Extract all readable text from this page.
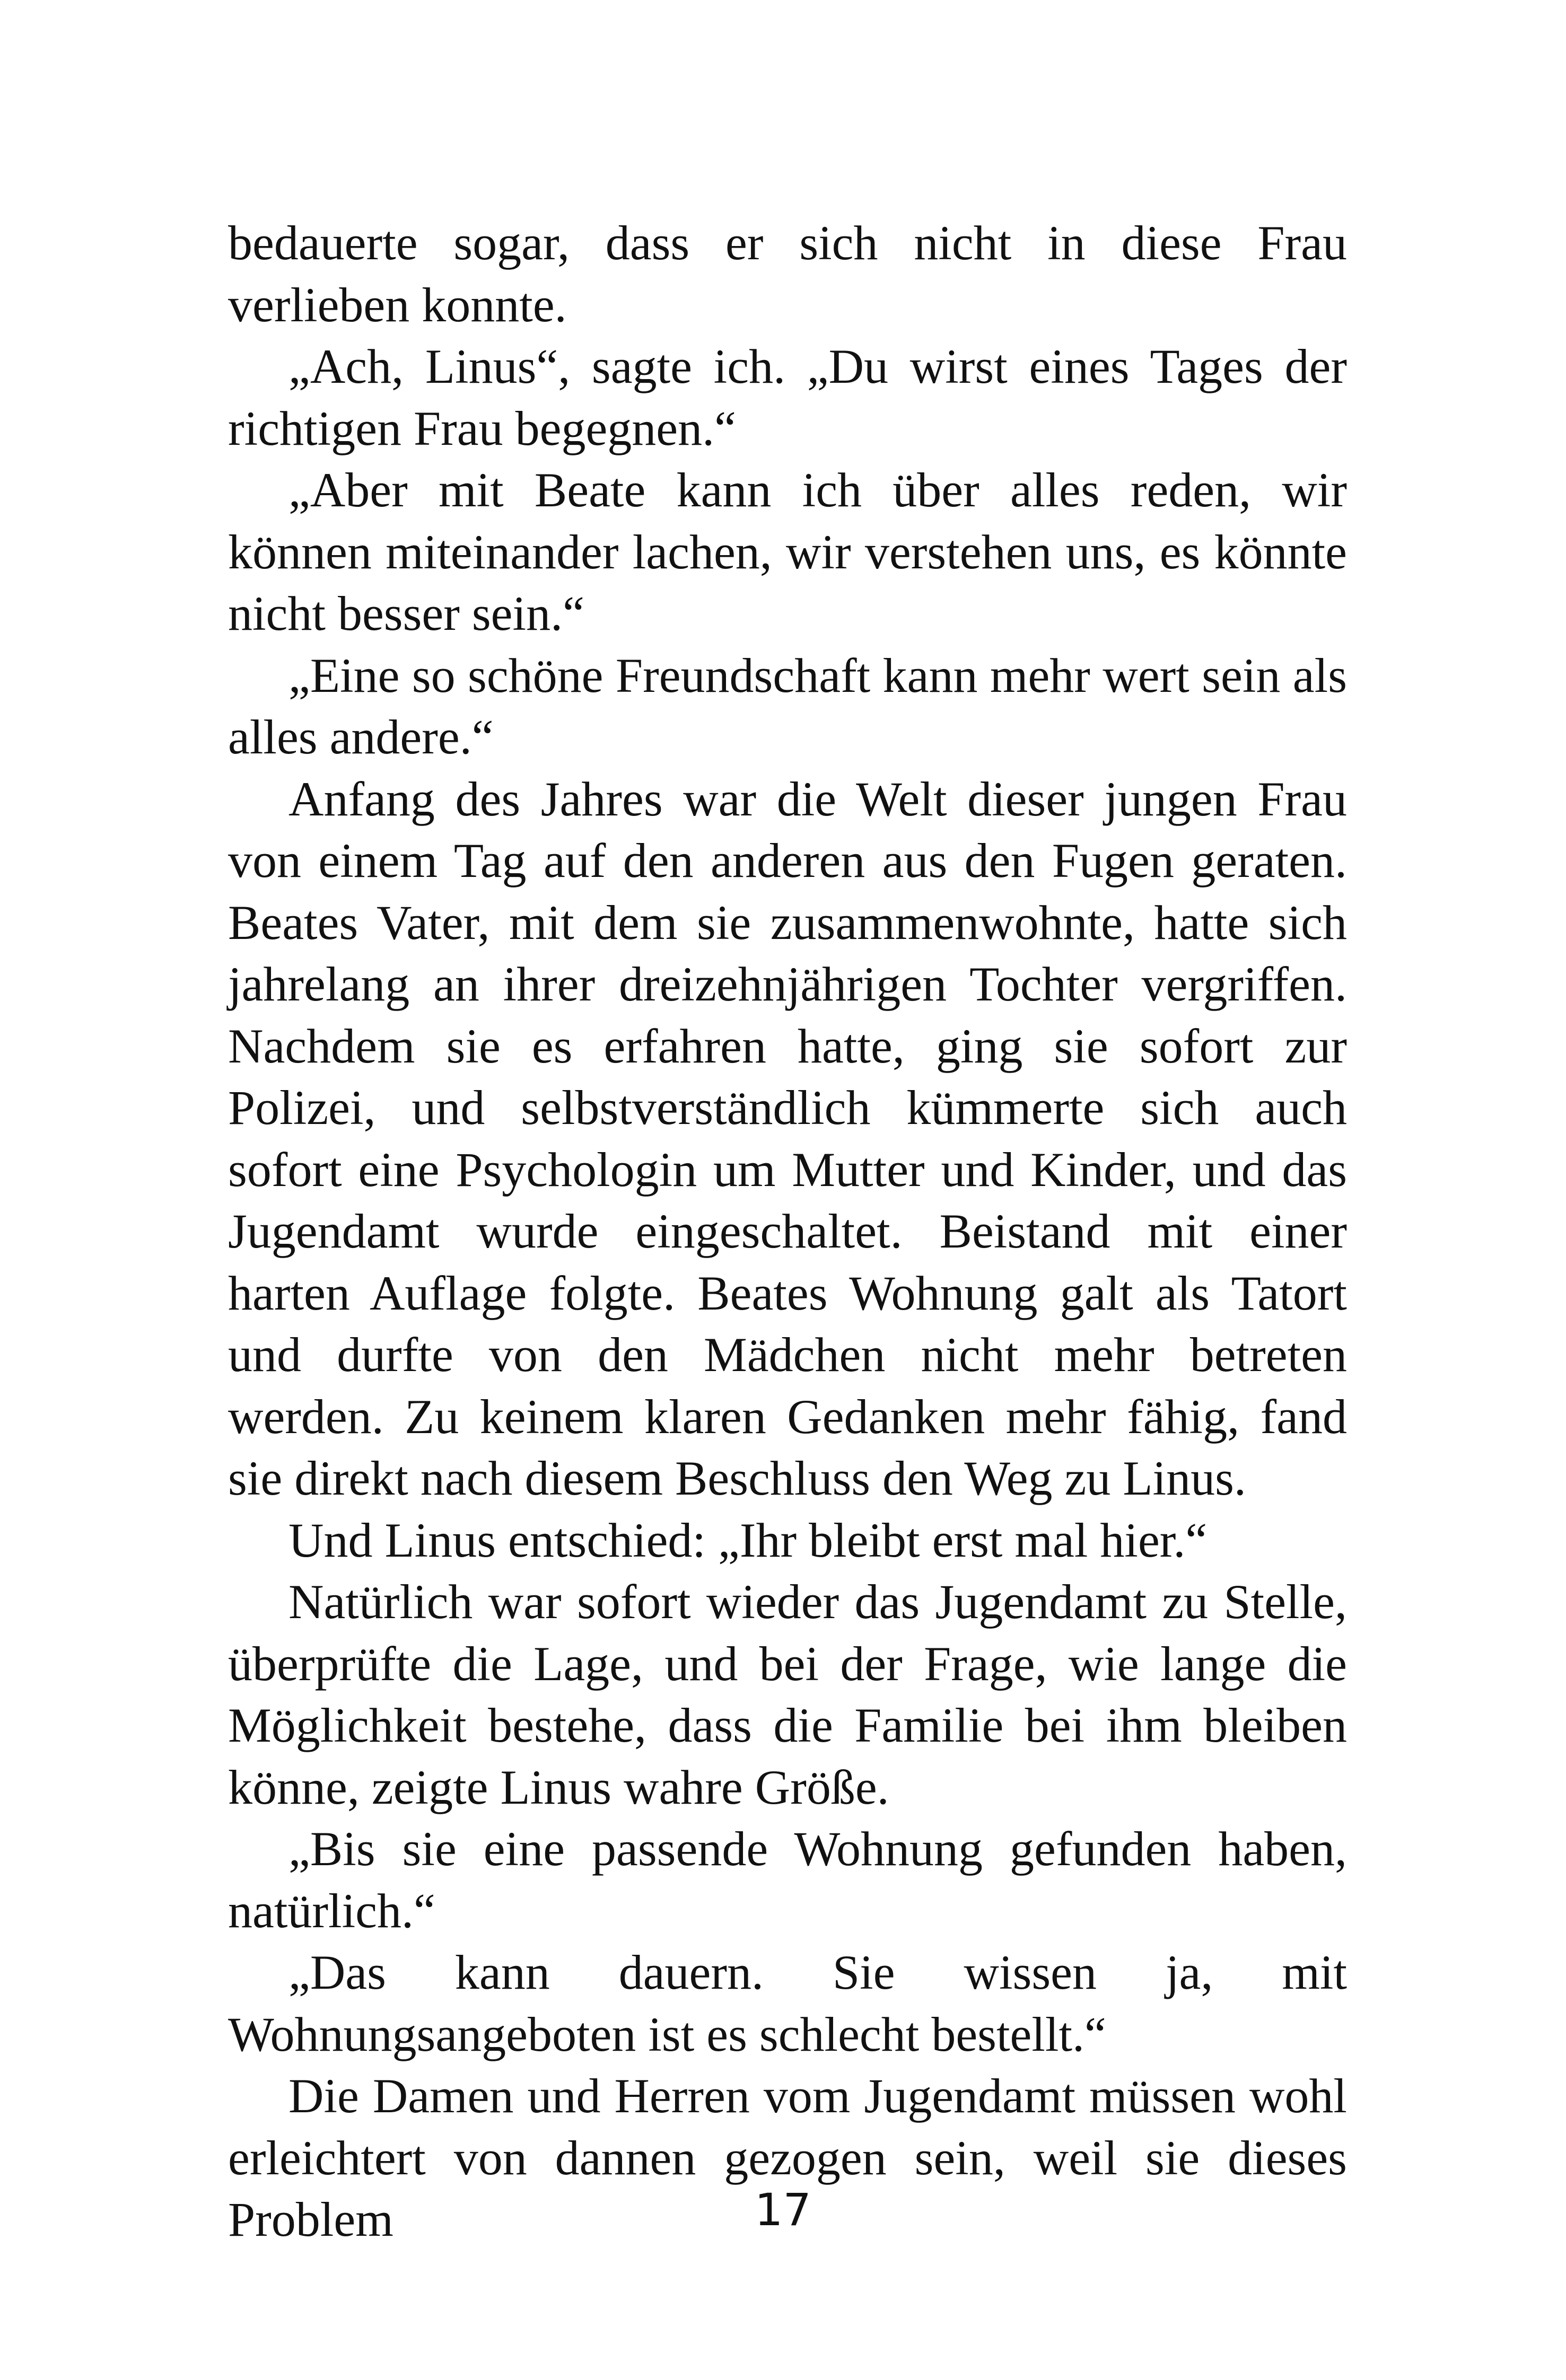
bedauerte sogar, dass er sich nicht in diese Frau verlieben konnte.

„Ach, Linus“, sagte ich. „Du wirst eines Tages der richtigen Frau begegnen.“

„Aber mit Beate kann ich über alles reden, wir können miteinander lachen, wir verstehen uns, es könnte nicht besser sein.“

„Eine so schöne Freundschaft kann mehr wert sein als alles andere.“

Anfang des Jahres war die Welt dieser jungen Frau von einem Tag auf den anderen aus den Fugen geraten. Beates Vater, mit dem sie zusammenwohnte, hatte sich jahrelang an ihrer dreizehnjährigen Tochter vergriffen. Nachdem sie es erfahren hatte, ging sie sofort zur Polizei, und selbstverständlich kümmerte sich auch sofort eine Psychologin um Mutter und Kinder, und das Jugendamt wurde eingeschaltet. Beistand mit einer harten Auflage folgte. Beates Wohnung galt als Tatort und durfte von den Mädchen nicht mehr betreten werden. Zu keinem klaren Gedanken mehr fähig, fand sie direkt nach diesem Beschluss den Weg zu Linus.

Und Linus entschied: „Ihr bleibt erst mal hier.“

Natürlich war sofort wieder das Jugendamt zu Stelle, überprüfte die Lage, und bei der Frage, wie lange die Möglichkeit bestehe, dass die Familie bei ihm bleiben könne, zeigte Linus wahre Größe.

„Bis sie eine passende Wohnung gefunden haben, natürlich.“

„Das kann dauern. Sie wissen ja, mit Wohnungsangeboten ist es schlecht bestellt.“

Die Damen und Herren vom Jugendamt müssen wohl erleichtert von dannen gezogen sein, weil sie dieses Problem	17
